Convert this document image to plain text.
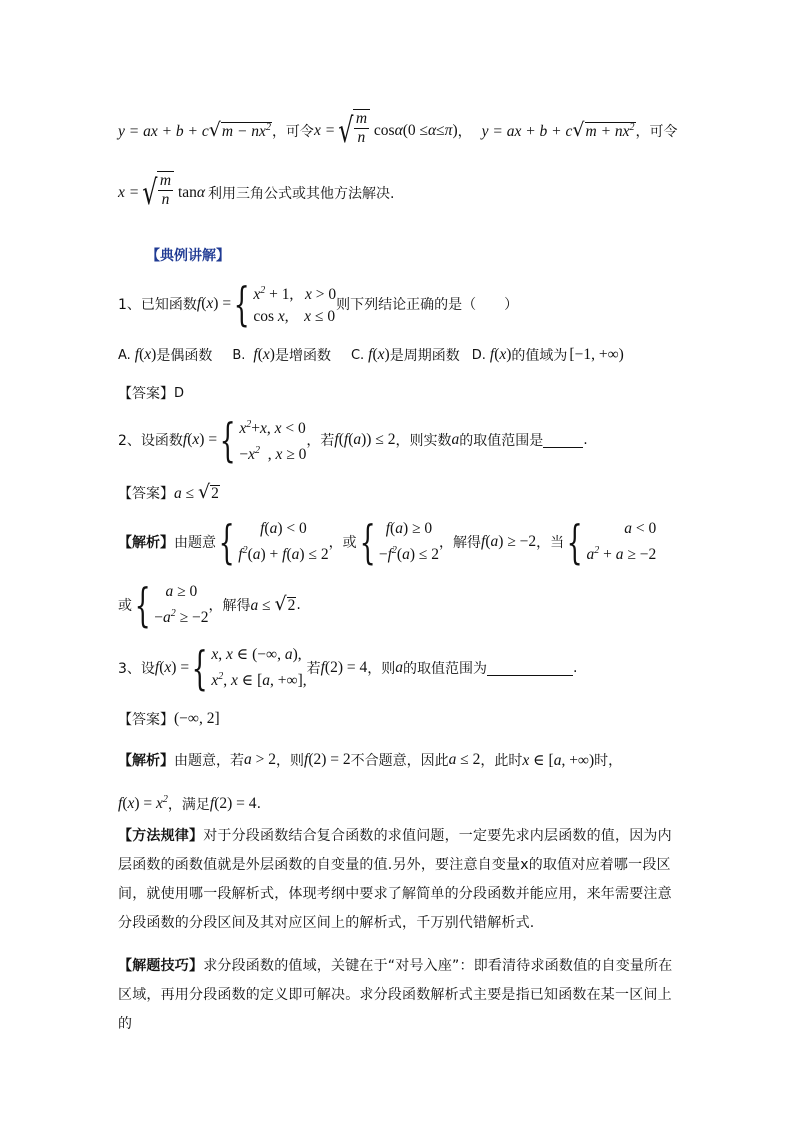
y = ax + b + c √ $m - nx^2$ ，可令 x = √ $\frac{m}{n}$ cos α (0 ≤ α ≤ π ) ， y = ax + b + c √ $m + nx^2$ ，可令
x = √ $\frac{m}{n}$ tan α 利用三角公式或其他方法解决.
【典例讲解】
1、已知函数 f ( x ) = { $x^2 + 1$,   x > 0
cos x,    x ≤ 0
则下列结论正确的是（　　）
A. f(x) 是偶函数 B. f(x) 是增函数 C. f(x) 是周期函数 D. f(x) 的值域为 [−1, +∞)
【答案】 D
2、设函数 f ( x ) = { $x^2+x$, x < 0
$-x^2$  , x ≥ 0
，若 f(f(a)) ≤ 2 ，则实数 a 的取值范围是	.
【答案】 a ≤ √ 2
【解析】 由题意 { f(a) < 0
$f^2(a) + f(a) \le 2$
，或 { f(a) ≥ 0
$-f^2(a) \le 2$
，解得 f(a) ≥ −2 ，当 {	a < 0
$a^2 + a \ge -2$
或 { a ≥ 0
$-a^2 \ge -2$
，解得 a ≤ √ 2 .
3、设 f ( x ) = { x, x ∈ (−∞, a),
$x^2$, x ∈ [a, +∞],
若 f(2) = 4 ，则 a 的取值范围为	.
【答案】 (−∞, 2]
【解析】 由题意，若 a > 2 ，则 f(2) = 2 不合题意，因此 a ≤ 2 ，此时 x ∈ [a, +∞) 时，
$f(x) = x^2$ ，满足 f(2) = 4 .
【方法规律】对于分段函数结合复合函数的求值问题，一定要先求内层函数的值，因为内层函数的函数值就是外层函数的自变量的值.另外，要注意自变量x的取值对应着哪一段区间，就使用哪一段解析式，体现考纲中要求了解简单的分段函数并能应用，来年需要注意分段函数的分段区间及其对应区间上的解析式，千万别代错解析式.
【解题技巧】求分段函数的值域，关键在于“对号入座”：即看清待求函数值的自变量所在区域，再用分段函数的定义即可解决。求分段函数解析式主要是指已知函数在某一区间上的
